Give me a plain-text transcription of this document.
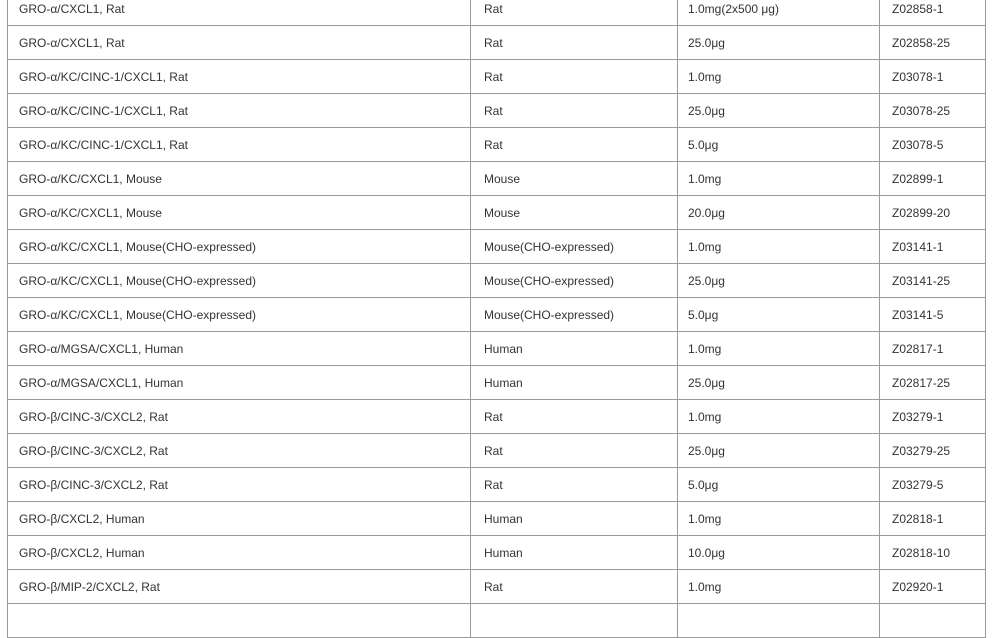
GRO-α/CXCL1, Rat	Rat	1.0mg(2x500 μg)	Z02858-1
GRO-α/CXCL1, Rat	Rat	25.0μg	Z02858-25
GRO-α/KC/CINC-1/CXCL1, Rat	Rat	1.0mg	Z03078-1
GRO-α/KC/CINC-1/CXCL1, Rat	Rat	25.0μg	Z03078-25
GRO-α/KC/CINC-1/CXCL1, Rat	Rat	5.0μg	Z03078-5
GRO-α/KC/CXCL1, Mouse	Mouse	1.0mg	Z02899-1
GRO-α/KC/CXCL1, Mouse	Mouse	20.0μg	Z02899-20
GRO-α/KC/CXCL1, Mouse(CHO-expressed)	Mouse(CHO-expressed)	1.0mg	Z03141-1
GRO-α/KC/CXCL1, Mouse(CHO-expressed)	Mouse(CHO-expressed)	25.0μg	Z03141-25
GRO-α/KC/CXCL1, Mouse(CHO-expressed)	Mouse(CHO-expressed)	5.0μg	Z03141-5
GRO-α/MGSA/CXCL1, Human	Human	1.0mg	Z02817-1
GRO-α/MGSA/CXCL1, Human	Human	25.0μg	Z02817-25
GRO-β/CINC-3/CXCL2, Rat	Rat	1.0mg	Z03279-1
GRO-β/CINC-3/CXCL2, Rat	Rat	25.0μg	Z03279-25
GRO-β/CINC-3/CXCL2, Rat	Rat	5.0μg	Z03279-5
GRO-β/CXCL2, Human	Human	1.0mg	Z02818-1
GRO-β/CXCL2, Human	Human	10.0μg	Z02818-10
GRO-β/MIP-2/CXCL2, Rat	Rat	1.0mg	Z02920-1
